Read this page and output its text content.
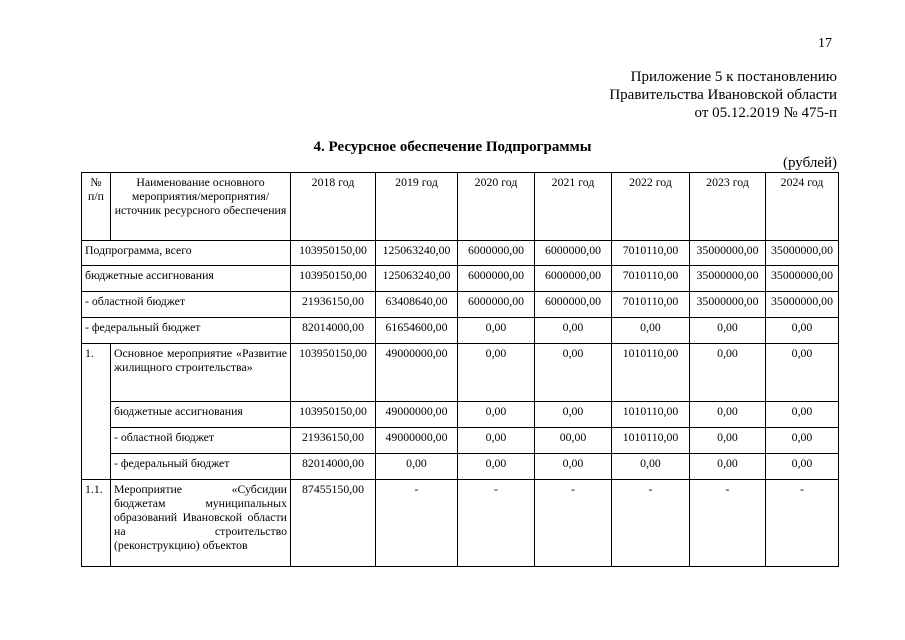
17
Приложение 5 к постановлению
Правительства Ивановской области
от 05.12.2019 № 475-п
4. Ресурсное обеспечение Подпрограммы
(рублей)
№ п/п	Наименование основного мероприятия/мероприятия/ источник ресурсного обеспечения	2018 год	2019 год	2020 год	2021 год	2022 год	2023 год	2024 год
Подпрограмма, всего		103950150,00	125063240,00	6000000,00	6000000,00	7010110,00	35000000,00	35000000,00
бюджетные ассигнования		103950150,00	125063240,00	6000000,00	6000000,00	7010110,00	35000000,00	35000000,00
- областной бюджет		21936150,00	63408640,00	6000000,00	6000000,00	7010110,00	35000000,00	35000000,00
- федеральный бюджет		82014000,00	61654600,00	0,00	0,00	0,00	0,00	0,00
1.	Основное мероприятие «Развитие жилищного строительства»	103950150,00	49000000,00	0,00	0,00	1010110,00	0,00	0,00
	бюджетные ассигнования	103950150,00	49000000,00	0,00	0,00	1010110,00	0,00	0,00
	- областной бюджет	21936150,00	49000000,00	0,00	00,00	1010110,00	0,00	0,00
	- федеральный бюджет	82014000,00	0,00	0,00	0,00	0,00	0,00	0,00
1.1.	Мероприятие «Субсидии бюджетам муниципальных образований Ивановской области на строительство (реконструкцию) объектов	87455150,00	-	-	-	-	-	-
